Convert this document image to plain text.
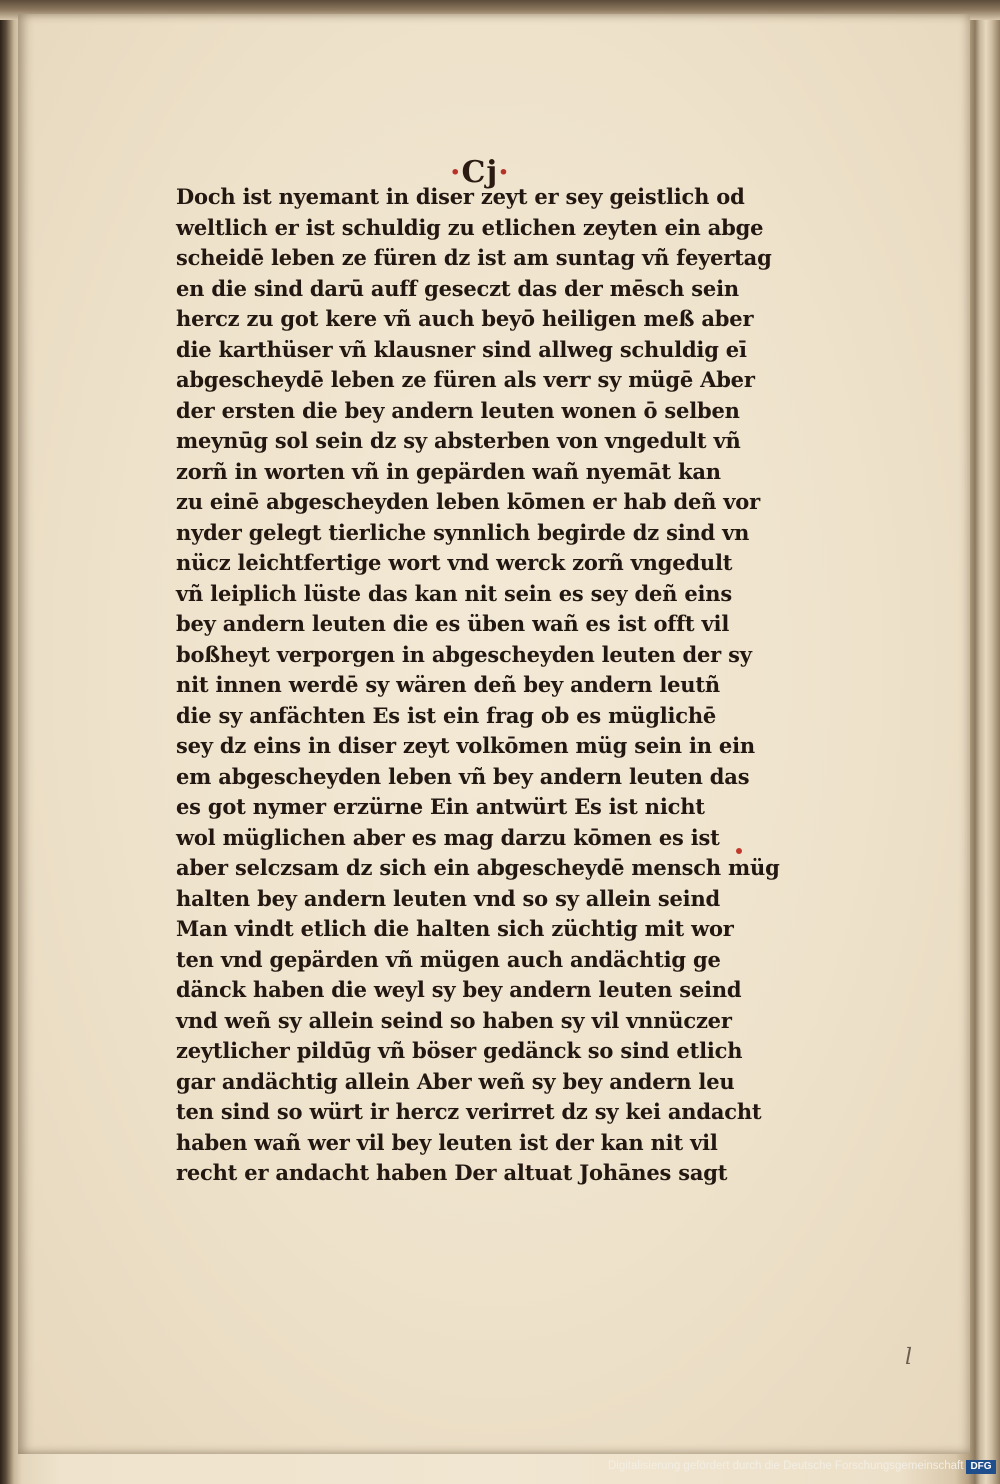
·Cj·
Doch ist nyemant in diser zeyt er sey geistlich od
weltlich er ist schuldig zu etlichen zeyten ein abge
scheidē leben ze füren dz ist am suntag vñ feyertag
en die sind darū auff geseczt das der mēsch sein
hercz zu got kere vñ auch beyō heiligen meß aber
die karthüser vñ klausner sind allweg schuldig eī
abgescheydē leben ze füren als verr sy mügē Aber
der ersten die bey andern leuten wonen ō selben
meynūg sol sein dz sy absterben von vngedult vñ
zorñ in worten vñ in gepärden wañ nyemāt kan
zu einē abgescheyden leben kōmen er hab deñ vor
nyder gelegt tierliche synnlich begirde dz sind vn
nücz leichtfertige wort vnd werck zorñ vngedult
vñ leiplich lüste das kan nit sein es sey deñ eins
bey andern leuten die es üben wañ es ist offt vil
boßheyt verporgen in abgescheyden leuten der sy
nit innen werdē sy wären deñ bey andern leutñ
die sy anfächten Es ist ein frag ob es müglichē
sey dz eins in diser zeyt volkōmen müg sein in ein
em abgescheyden leben vñ bey andern leuten das
es got nymer erzürne Ein antwürt Es ist nicht
wol müglichen aber es mag darzu kōmen es ist
aber selczsam dz sich ein abgescheydē mensch müg
halten bey andern leuten vnd so sy allein seind
Man vindt etlich die halten sich züchtig mit wor
ten vnd gepärden vñ mügen auch andächtig ge
dänck haben die weyl sy bey andern leuten seind
vnd weñ sy allein seind so haben sy vil vnnüczer
zeytlicher pildūg vñ böser gedänck so sind etlich
gar andächtig allein Aber weñ sy bey andern leu
ten sind so würt ir hercz verirret dz sy kei andacht
haben wañ wer vil bey leuten ist der kan nit vil
recht er andacht haben Der altuat Johānes sagt
l
Digitalisierung gefördert durch die Deutsche Forschungsgemeinschaft DFG
